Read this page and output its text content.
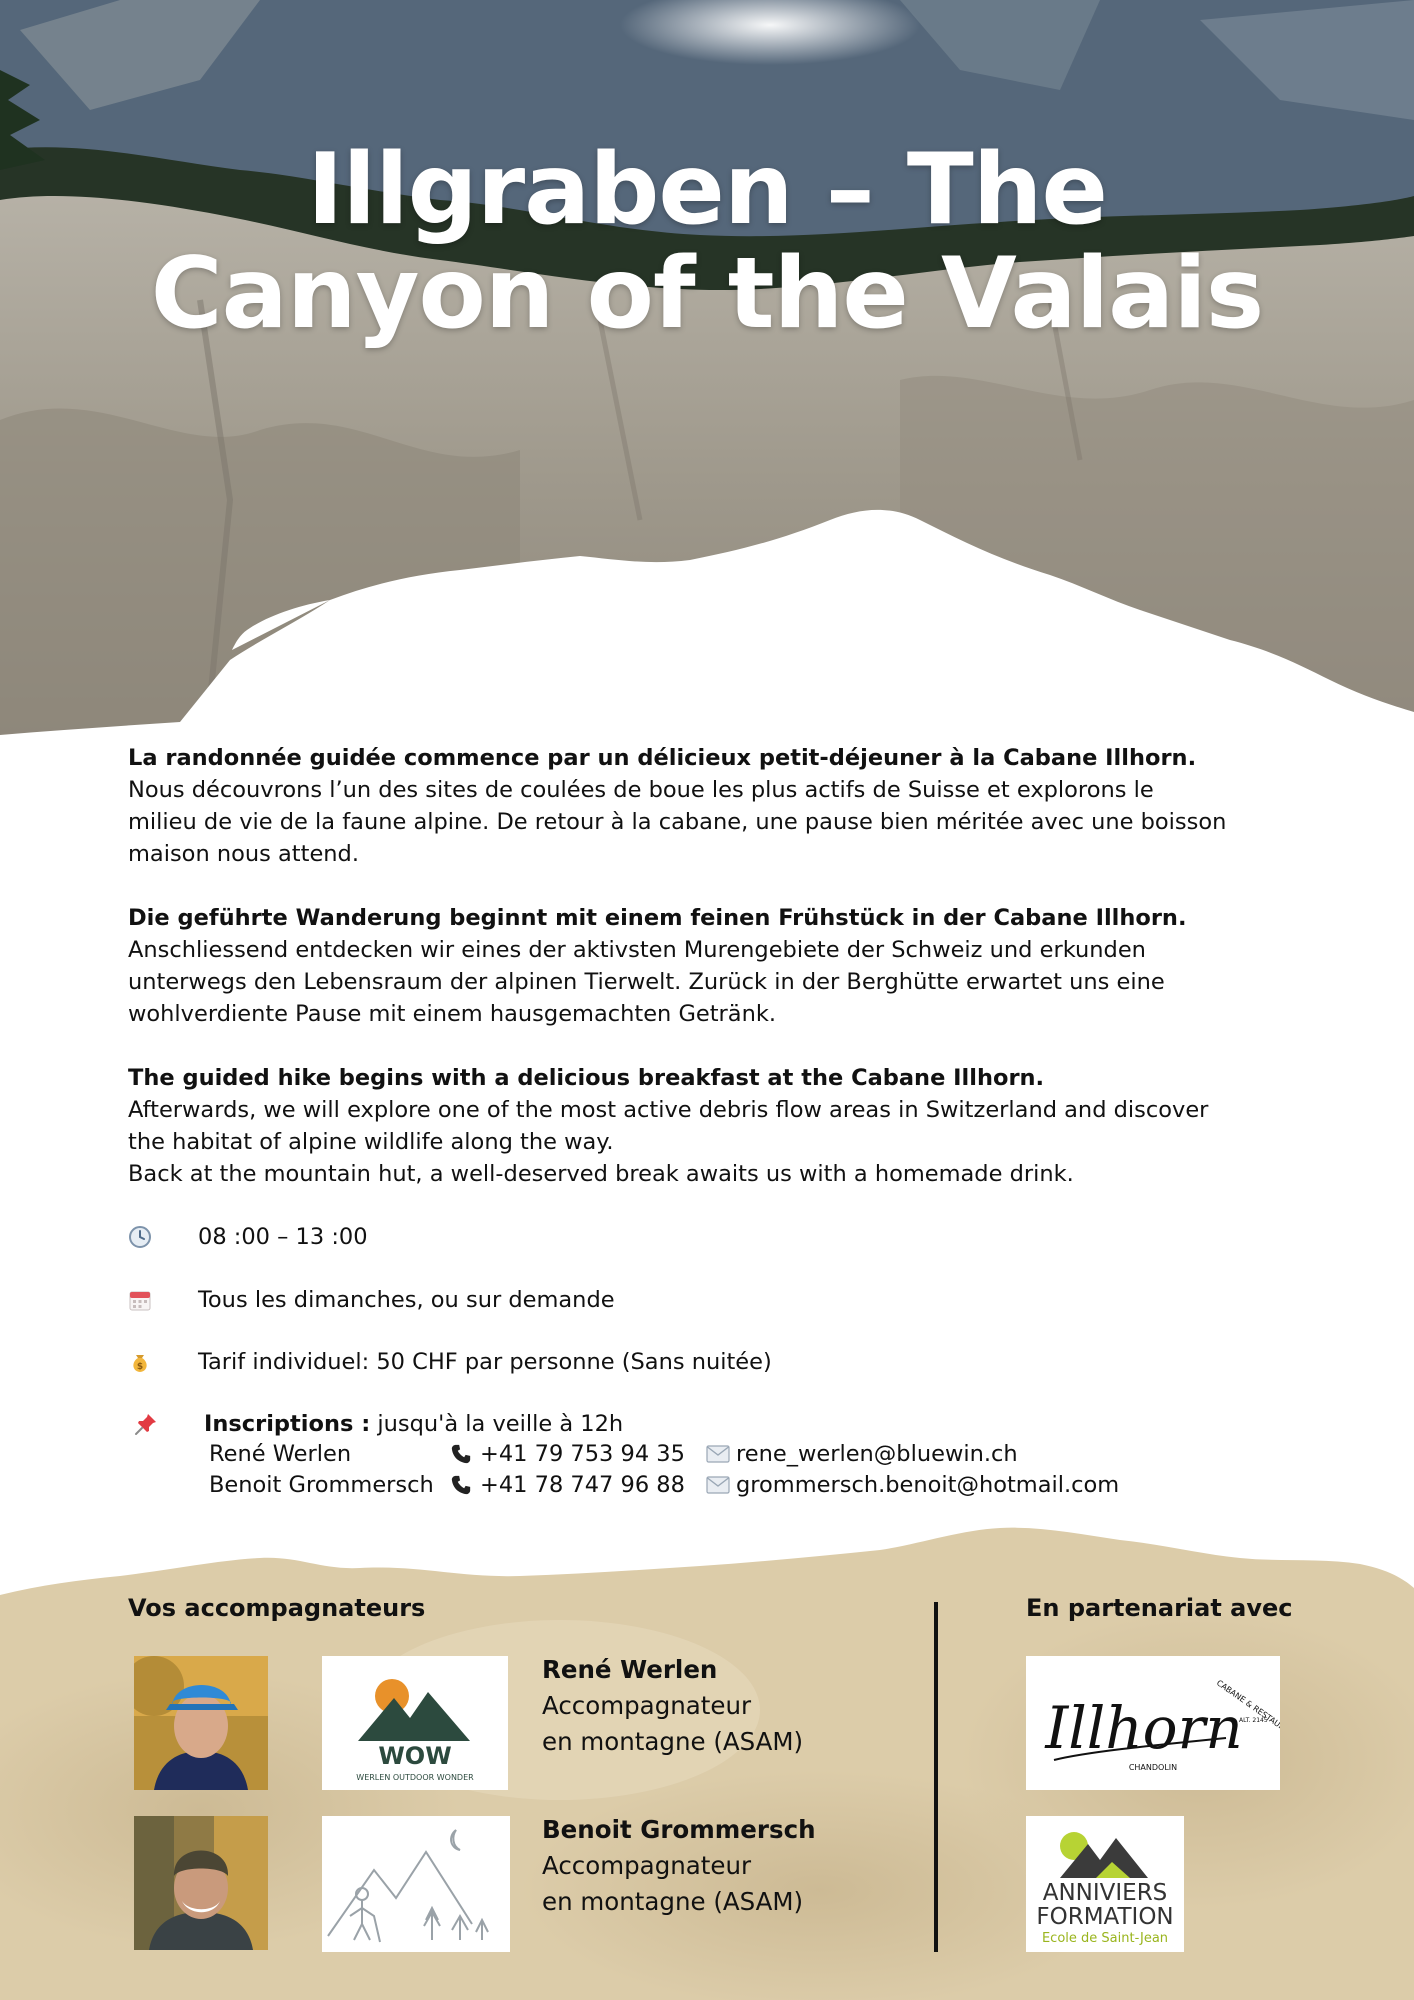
Illgraben – The
Canyon of the Valais

La randonnée guidée commence par un délicieux petit-déjeuner à la Cabane Illhorn.
Nous découvrons l’un des sites de coulées de boue les plus actifs de Suisse et explorons le
milieu de vie de la faune alpine. De retour à la cabane, une pause bien méritée avec une boisson
maison nous attend.

Die geführte Wanderung beginnt mit einem feinen Frühstück in der Cabane Illhorn.
Anschliessend entdecken wir eines der aktivsten Murengebiete der Schweiz und erkunden
unterwegs den Lebensraum der alpinen Tierwelt. Zurück in der Berghütte erwartet uns eine
wohlverdiente Pause mit einem hausgemachten Getränk.

The guided hike begins with a delicious breakfast at the Cabane Illhorn.
Afterwards, we will explore one of the most active debris flow areas in Switzerland and discover
the habitat of alpine wildlife along the way.
Back at the mountain hut, a well-deserved break awaits us with a homemade drink.

08 :00 – 13 :00
Tous les dimanches, ou sur demande
$ Tarif individuel: 50 CHF par personne (Sans nuitée)
Inscriptions : jusqu'à la veille à 12h
René Werlen	+41 79 753 94 35	rene_werlen@bluewin.ch
Benoit Grommersch	+41 78 747 96 88	grommersch.benoit@hotmail.com
Vos accompagnateurs	En partenariat avec
WOW
WERLEN OUTDOOR WONDER
René Werlen
Accompagnateur
en montagne (ASAM)
Benoit Grommersch
Accompagnateur
en montagne (ASAM)
Illhorn
CABANE & RESTAURANT
ALT. 2145
CHANDOLIN
ANNIVIERS
FORMATION
Ecole de Saint-Jean
